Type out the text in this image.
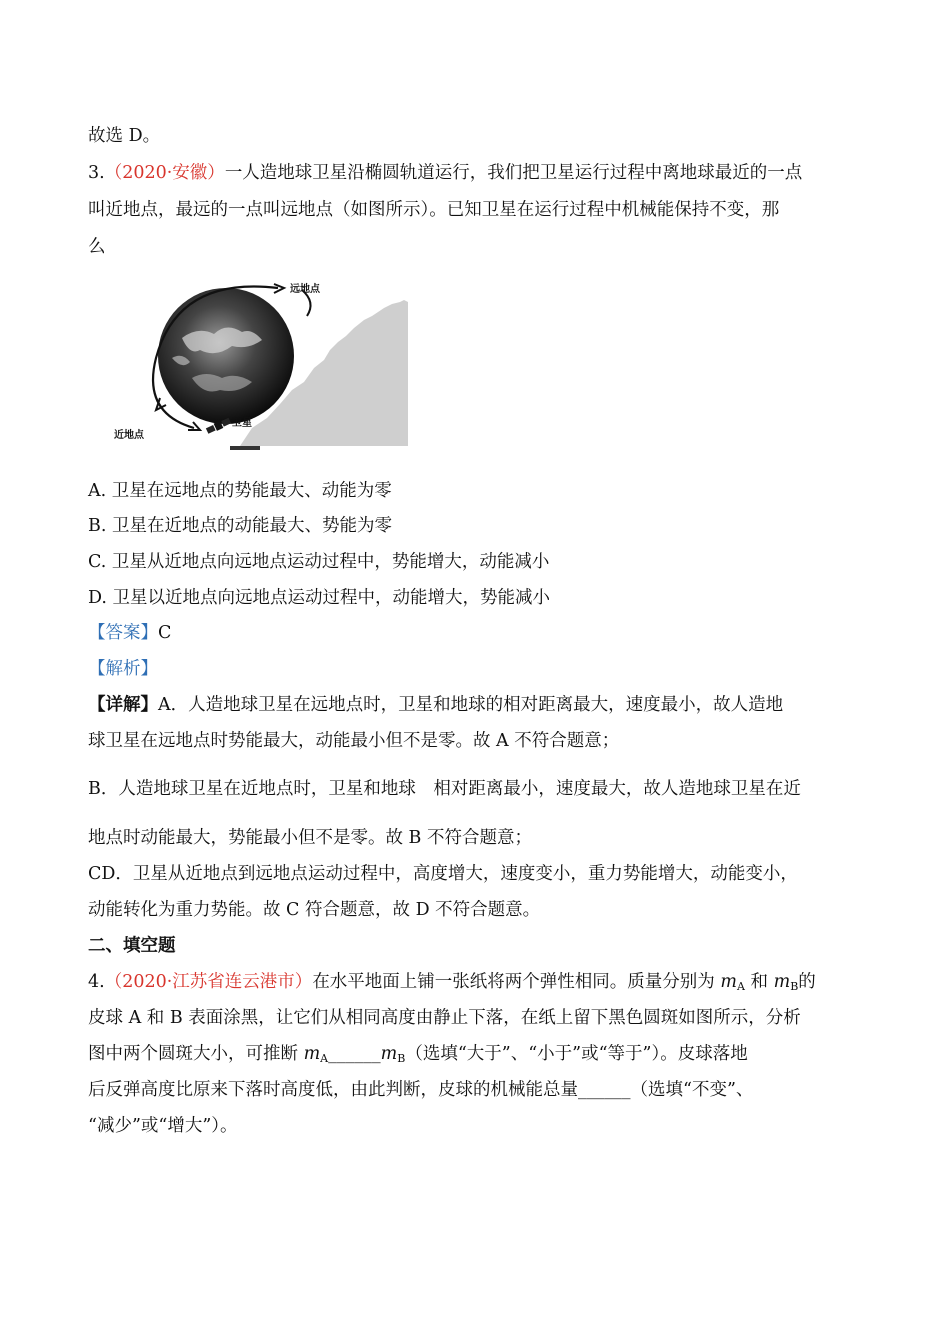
故选 D。
3.（2020·安徽）一人造地球卫星沿椭圆轨道运行，我们把卫星运行过程中离地球最近的一点
叫近地点，最远的一点叫远地点（如图所示）。已知卫星在运行过程中机械能保持不变，那
么
远地点
近地点
卫星
A. 卫星在远地点的势能最大、动能为零
B. 卫星在近地点的动能最大、势能为零
C. 卫星从近地点向远地点运动过程中，势能增大，动能减小
D. 卫星以近地点向远地点运动过程中，动能增大，势能减小
【答案】C
【解析】
【详解】A．人造地球卫星在远地点时，卫星和地球的相对距离最大，速度最小，故人造地
球卫星在远地点时势能最大，动能最小但不是零。故 A 不符合题意；
B．人造地球卫星在近地点时，卫星和地球　相对距离最小，速度最大，故人造地球卫星在近
地点时动能最大，势能最小但不是零。故 B 不符合题意；
CD．卫星从近地点到远地点运动过程中，高度增大，速度变小，重力势能增大，动能变小，
动能转化为重力势能。故 C 符合题意，故 D 不符合题意。
二、填空题
4.（2020·江苏省连云港市）在水平地面上铺一张纸将两个弹性相同。质量分别为 $m_A$ 和 $m_B$的
皮球 A 和 B 表面涂黑，让它们从相同高度由静止下落，在纸上留下黑色圆斑如图所示，分析
图中两个圆斑大小，可推断 $m_A\_\_\_\_\_\_m_B$（选填“大于”、“小于”或“等于”）。皮球落地
后反弹高度比原来下落时高度低，由此判断，皮球的机械能总量______（选填“不变”、
“减少”或“增大”）。
